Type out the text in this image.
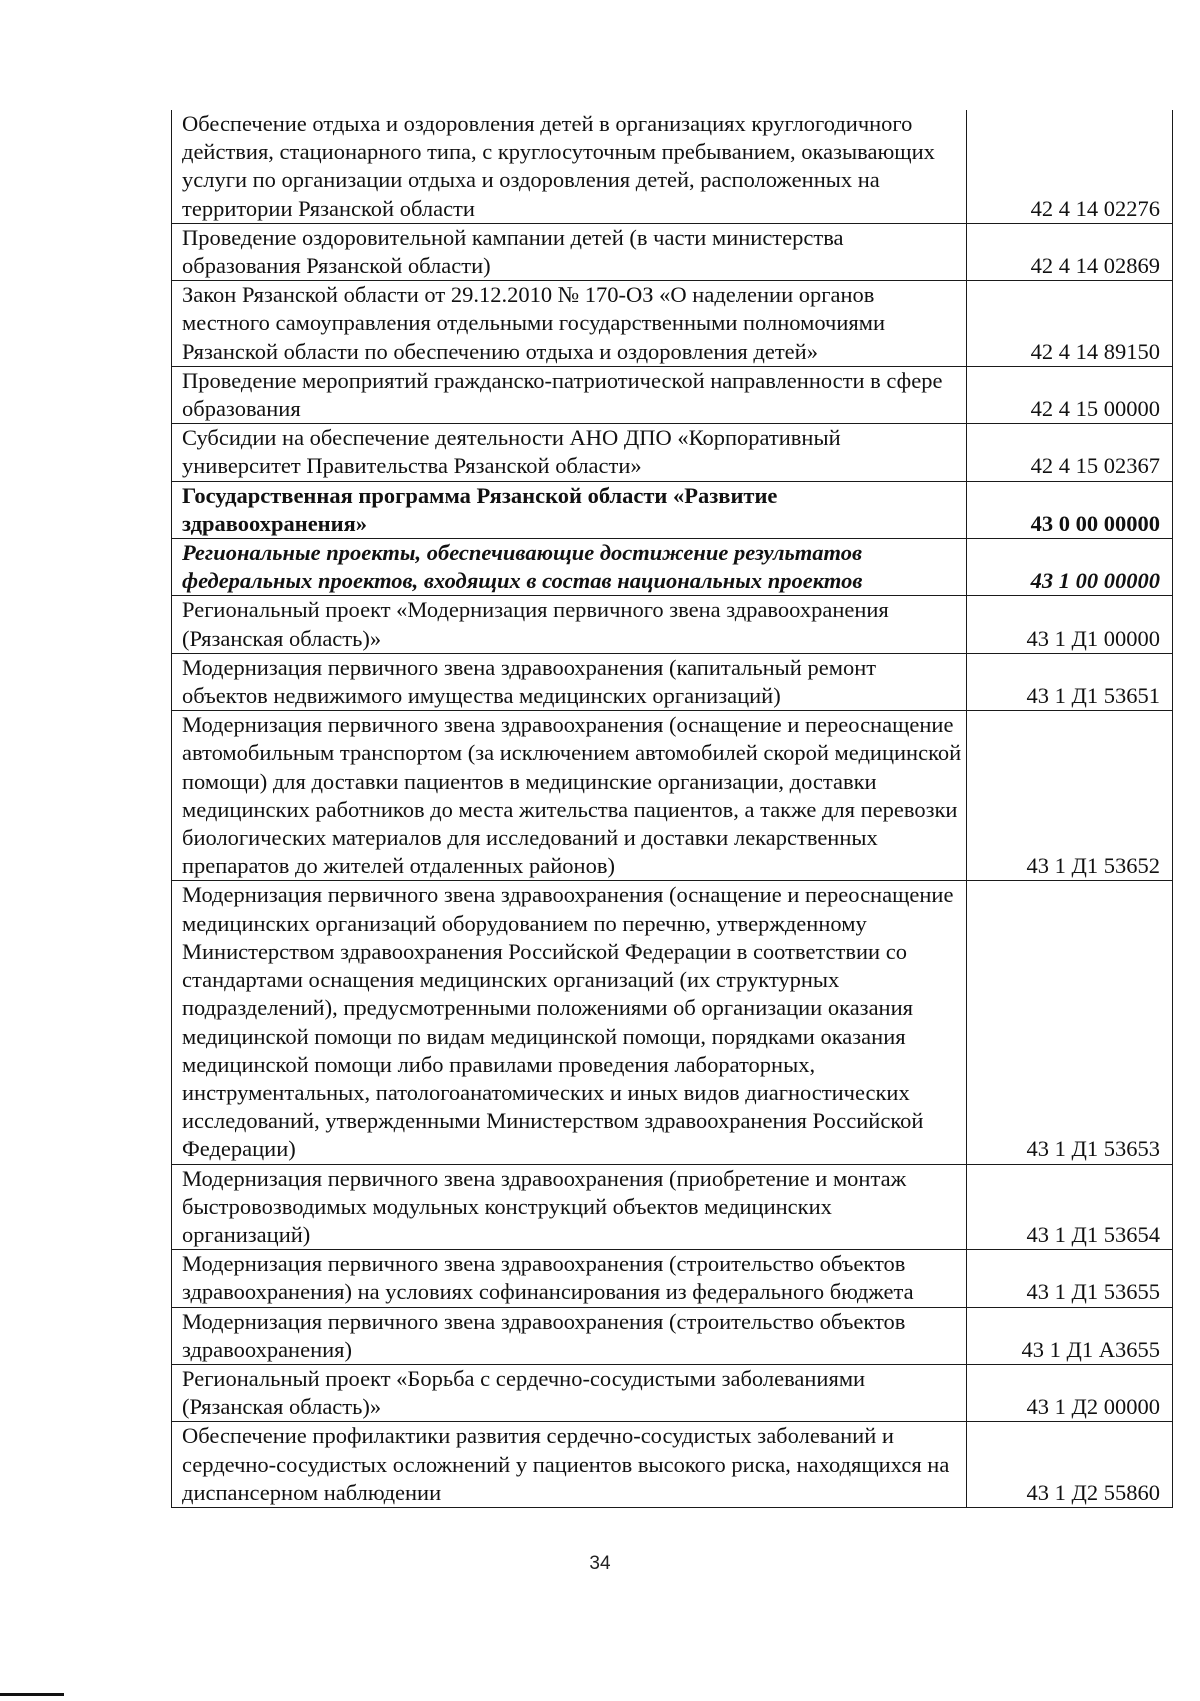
Обеспечение отдыха и оздоровления детей в организациях круглогодичного действия, стационарного типа, с круглосуточным пребыванием, оказывающих услуги по организации отдыха и оздоровления детей, расположенных на территории Рязанской области	42 4 14 02276
Проведение оздоровительной кампании детей (в части министерства образования Рязанской области)	42 4 14 02869
Закон Рязанской области от 29.12.2010 № 170-ОЗ «О наделении органов местного самоуправления отдельными государственными полномочиями Рязанской области по обеспечению отдыха и оздоровления детей»	42 4 14 89150
Проведение мероприятий гражданско-патриотической направленности в сфере образования	42 4 15 00000
Субсидии на обеспечение деятельности АНО ДПО «Корпоративный университет Правительства Рязанской области»	42 4 15 02367
Государственная программа Рязанской области «Развитие здравоохранения»	43 0 00 00000
Региональные проекты, обеспечивающие достижение результатов федеральных проектов, входящих в состав национальных проектов	43 1 00 00000
Региональный проект «Модернизация первичного звена здравоохранения (Рязанская область)»	43 1 Д1 00000
Модернизация первичного звена здравоохранения (капитальный ремонт объектов недвижимого имущества медицинских организаций)	43 1 Д1 53651
Модернизация первичного звена здравоохранения (оснащение и переоснащение автомобильным транспортом (за исключением автомобилей скорой медицинской помощи) для доставки пациентов в медицинские организации, доставки медицинских работников до места жительства пациентов, а также для перевозки биологических материалов для исследований и доставки лекарственных препаратов до жителей отдаленных районов)	43 1 Д1 53652
Модернизация первичного звена здравоохранения (оснащение и переоснащение медицинских организаций оборудованием по перечню, утвержденному Министерством здравоохранения Российской Федерации в соответствии со стандартами оснащения медицинских организаций (их структурных подразделений), предусмотренными положениями об организации оказания медицинской помощи по видам медицинской помощи, порядками оказания медицинской помощи либо правилами проведения лабораторных, инструментальных, патологоанатомических и иных видов диагностических исследований, утвержденными Министерством здравоохранения Российской Федерации)	43 1 Д1 53653
Модернизация первичного звена здравоохранения (приобретение и монтаж быстровозводимых модульных конструкций объектов медицинских организаций)	43 1 Д1 53654
Модернизация первичного звена здравоохранения (строительство объектов здравоохранения) на условиях софинансирования из федерального бюджета	43 1 Д1 53655
Модернизация первичного звена здравоохранения (строительство объектов здравоохранения)	43 1 Д1 А3655
Региональный проект «Борьба с сердечно-сосудистыми заболеваниями (Рязанская область)»	43 1 Д2 00000
Обеспечение профилактики развития сердечно-сосудистых заболеваний и сердечно-сосудистых осложнений у пациентов высокого риска, находящихся на диспансерном наблюдении	43 1 Д2 55860
34
